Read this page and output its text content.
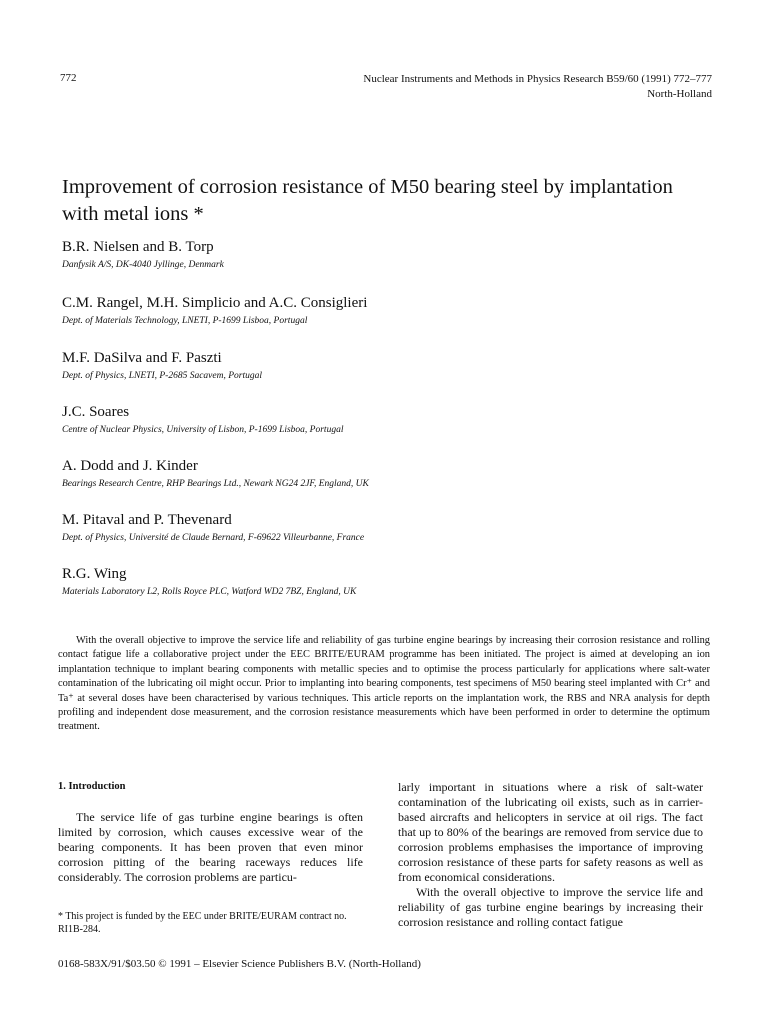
772	Nuclear Instruments and Methods in Physics Research B59/60 (1991) 772–777
North-Holland
Improvement of corrosion resistance of M50 bearing steel by implantation with metal ions *
B.R. Nielsen and B. Torp
Danfysik A/S, DK-4040 Jyllinge, Denmark
C.M. Rangel, M.H. Simplicio and A.C. Consiglieri
Dept. of Materials Technology, LNETI, P-1699 Lisboa, Portugal
M.F. DaSilva and F. Paszti
Dept. of Physics, LNETI, P-2685 Sacavem, Portugal
J.C. Soares
Centre of Nuclear Physics, University of Lisbon, P-1699 Lisboa, Portugal
A. Dodd and J. Kinder
Bearings Research Centre, RHP Bearings Ltd., Newark NG24 2JF, England, UK
M. Pitaval and P. Thevenard
Dept. of Physics, Université de Claude Bernard, F-69622 Villeurbanne, France
R.G. Wing
Materials Laboratory L2, Rolls Royce PLC, Watford WD2 7BZ, England, UK
With the overall objective to improve the service life and reliability of gas turbine engine bearings by increasing their corrosion resistance and rolling contact fatigue life a collaborative project under the EEC BRITE/EURAM programme has been initiated. The project is aimed at developing an ion implantation technique to implant bearing components with metallic species and to optimise the process particularly for applications where salt-water contamination of the lubricating oil might occur. Prior to implanting into bearing components, test specimens of M50 bearing steel implanted with Cr⁺ and Ta⁺ at several doses have been characterised by various techniques. This article reports on the implantation work, the RBS and NRA analysis for depth profiling and independent dose measurement, and the corrosion resistance measurements which have been performed in order to determine the optimum treatment.
1. Introduction

The service life of gas turbine engine bearings is often limited by corrosion, which causes excessive wear of the bearing components. It has been proven that even minor corrosion pitting of the bearing raceways reduces life considerably. The corrosion problems are particu-

larly important in situations where a risk of salt-water contamination of the lubricating oil exists, such as in carrier-based aircrafts and helicopters in service at oil rigs. The fact that up to 80% of the bearings are removed from service due to corrosion problems emphasises the importance of improving corrosion resistance of these parts for safety reasons as well as from economical considerations.

With the overall objective to improve the service life and reliability of gas turbine engine bearings by increasing their corrosion resistance and rolling contact fatigue

* This project is funded by the EEC under BRITE/EURAM contract no. RI1B-284.
0168-583X/91/$03.50 © 1991 – Elsevier Science Publishers B.V. (North-Holland)
